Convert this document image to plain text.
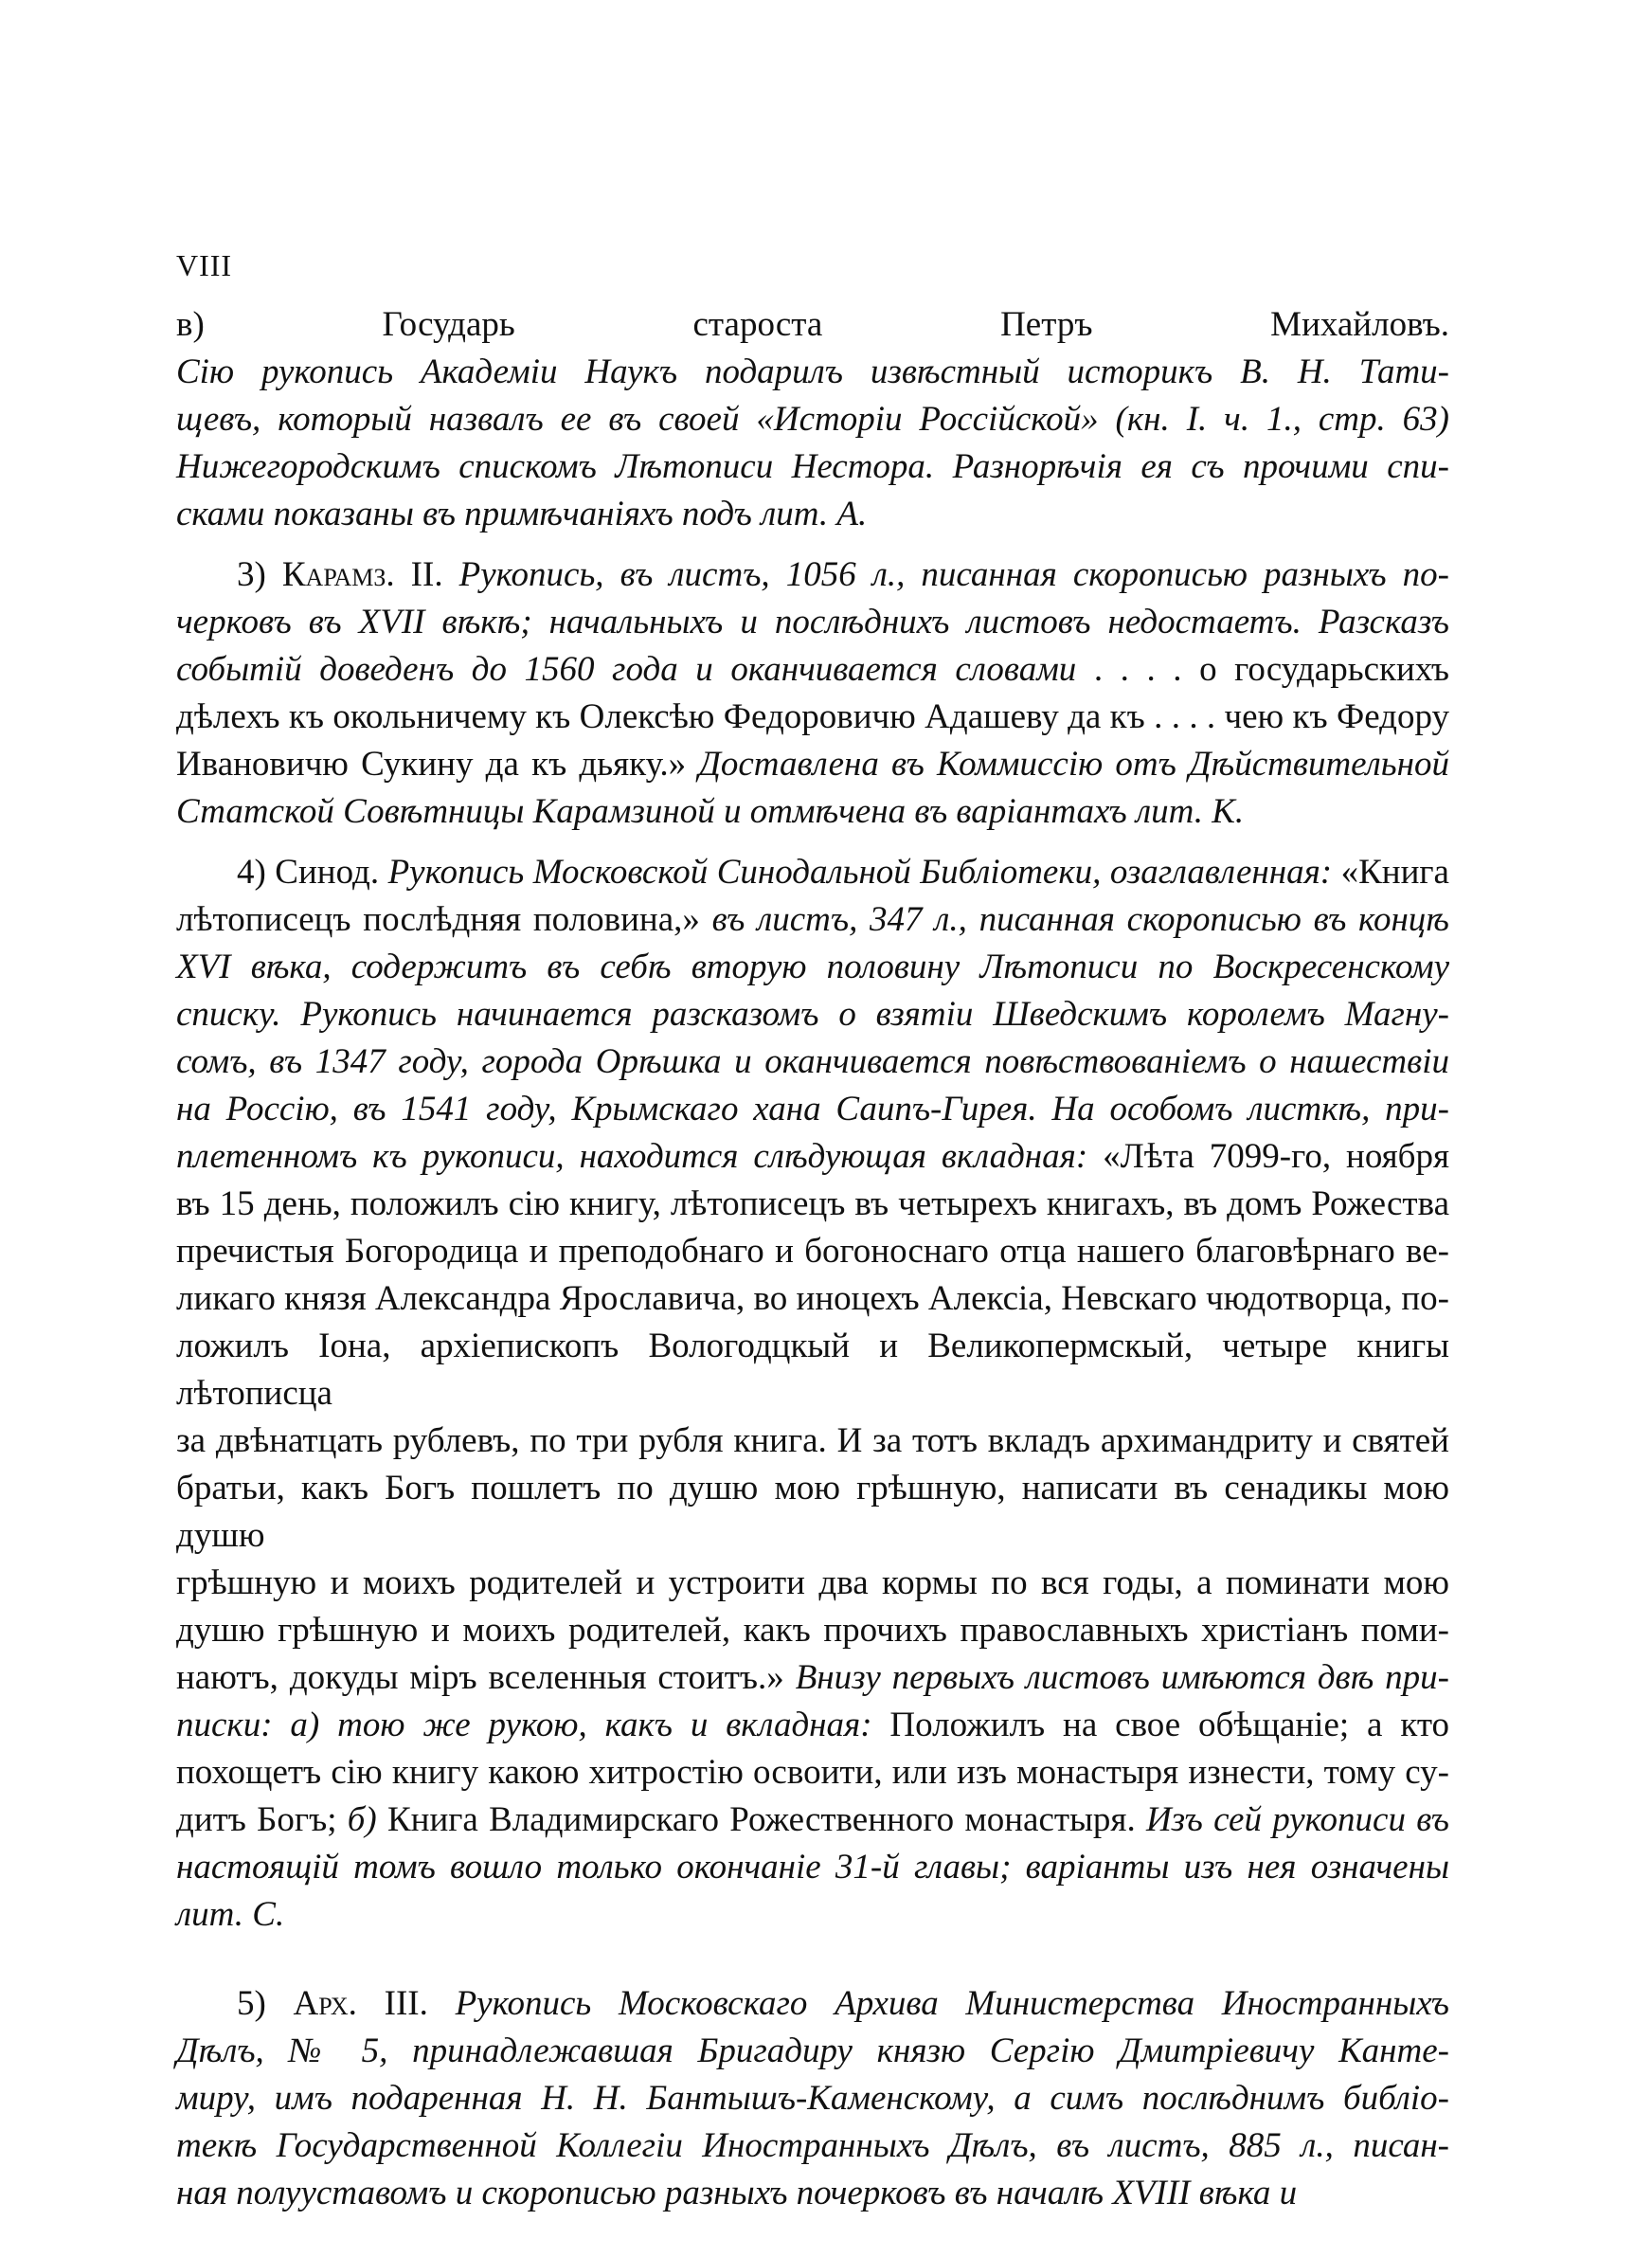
VIII
в) Государь староста Петръ Михайловъ.
Сію рукопись Академіи Наукъ подарилъ извѣстный историкъ В. Н. Тати-
щевъ, который назвалъ ее въ своей «Исторіи Россійской» (кн. I. ч. 1., стр. 63)
Нижегородскимъ спискомъ Лѣтописи Нестора. Разнорѣчія ея съ прочими спи-
сками показаны въ примѣчаніяхъ подъ лит. А.
3) Карамз. II. Рукопись, въ листъ, 1056 л., писанная скорописью разныхъ по-
черковъ въ XVII вѣкѣ; начальныхъ и послѣднихъ листовъ недостаетъ. Разсказъ
событій доведенъ до 1560 года и оканчивается словами . . . . о государьскихъ
дѣлехъ къ окольничему къ Олексѣю Федоровичю Адашеву да къ . . . . чею къ Федору
Ивановичю Сукину да къ дьяку.» Доставлена въ Коммиссію отъ Дѣйствительной
Статской Совѣтницы Карамзиной и отмѣчена въ варіантахъ лит. К.
4) Синод. Рукопись Московской Синодальной Библіотеки, озаглавленная: «Книга
лѣтописецъ послѣдняя половина,» въ листъ, 347 л., писанная скорописью въ концѣ
XVI вѣка, содержитъ въ себѣ вторую половину Лѣтописи по Воскресенскому
списку. Рукопись начинается разсказомъ о взятіи Шведскимъ королемъ Магну-
сомъ, въ 1347 году, города Орѣшка и оканчивается повѣствованіемъ о нашествіи
на Россію, въ 1541 году, Крымскаго хана Саипъ-Гирея. На особомъ листкѣ, при-
плетенномъ къ рукописи, находится слѣдующая вкладная: «Лѣта 7099-го, ноября
въ 15 день, положилъ сію книгу, лѣтописецъ въ четырехъ книгахъ, въ домъ Рожества
пречистыя Богородица и преподобнаго и богоноснаго отца нашего благовѣрнаго ве-
ликаго князя Александра Ярославича, во иноцехъ Алексіа, Невскаго чюдотворца, по-
ложилъ Іона, архіепископъ Вологодцкый и Великопермскый, четыре книгы лѣтописца
за двѣнатцать рублевъ, по три рубля книга. И за тотъ вкладъ архимандриту и святей
братьи, какъ Богъ пошлетъ по душю мою грѣшную, написати въ сенадикы мою душю
грѣшную и моихъ родителей и устроити два кормы по вся годы, а поминати мою
душю грѣшную и моихъ родителей, какъ прочихъ православныхъ христіанъ поми-
наютъ, докуды міръ вселенныя стоитъ.» Внизу первыхъ листовъ имѣются двѣ при-
писки: а) тою же рукою, какъ и вкладная: Положилъ на свое обѣщаніе; а кто
похощетъ сію книгу какою хитростію освоити, или изъ монастыря изнести, тому су-
дитъ Богъ; б) Книга Владимирскаго Рожественного монастыря. Изъ сей рукописи въ
настоящій томъ вошло только окончаніе 31-й главы; варіанты изъ нея означены
лит. С.
5) Арх. III. Рукопись Московскаго Архива Министерства Иностранныхъ
Дѣлъ, № 5, принадлежавшая Бригадиру князю Сергію Дмитріевичу Канте-
миру, имъ подаренная Н. Н. Бантышъ-Каменскому, а симъ послѣднимъ библіо-
текѣ Государственной Коллегіи Иностранныхъ Дѣлъ, въ листъ, 885 л., писан-
ная полууставомъ и скорописью разныхъ почерковъ въ началѣ XVIII вѣка и
